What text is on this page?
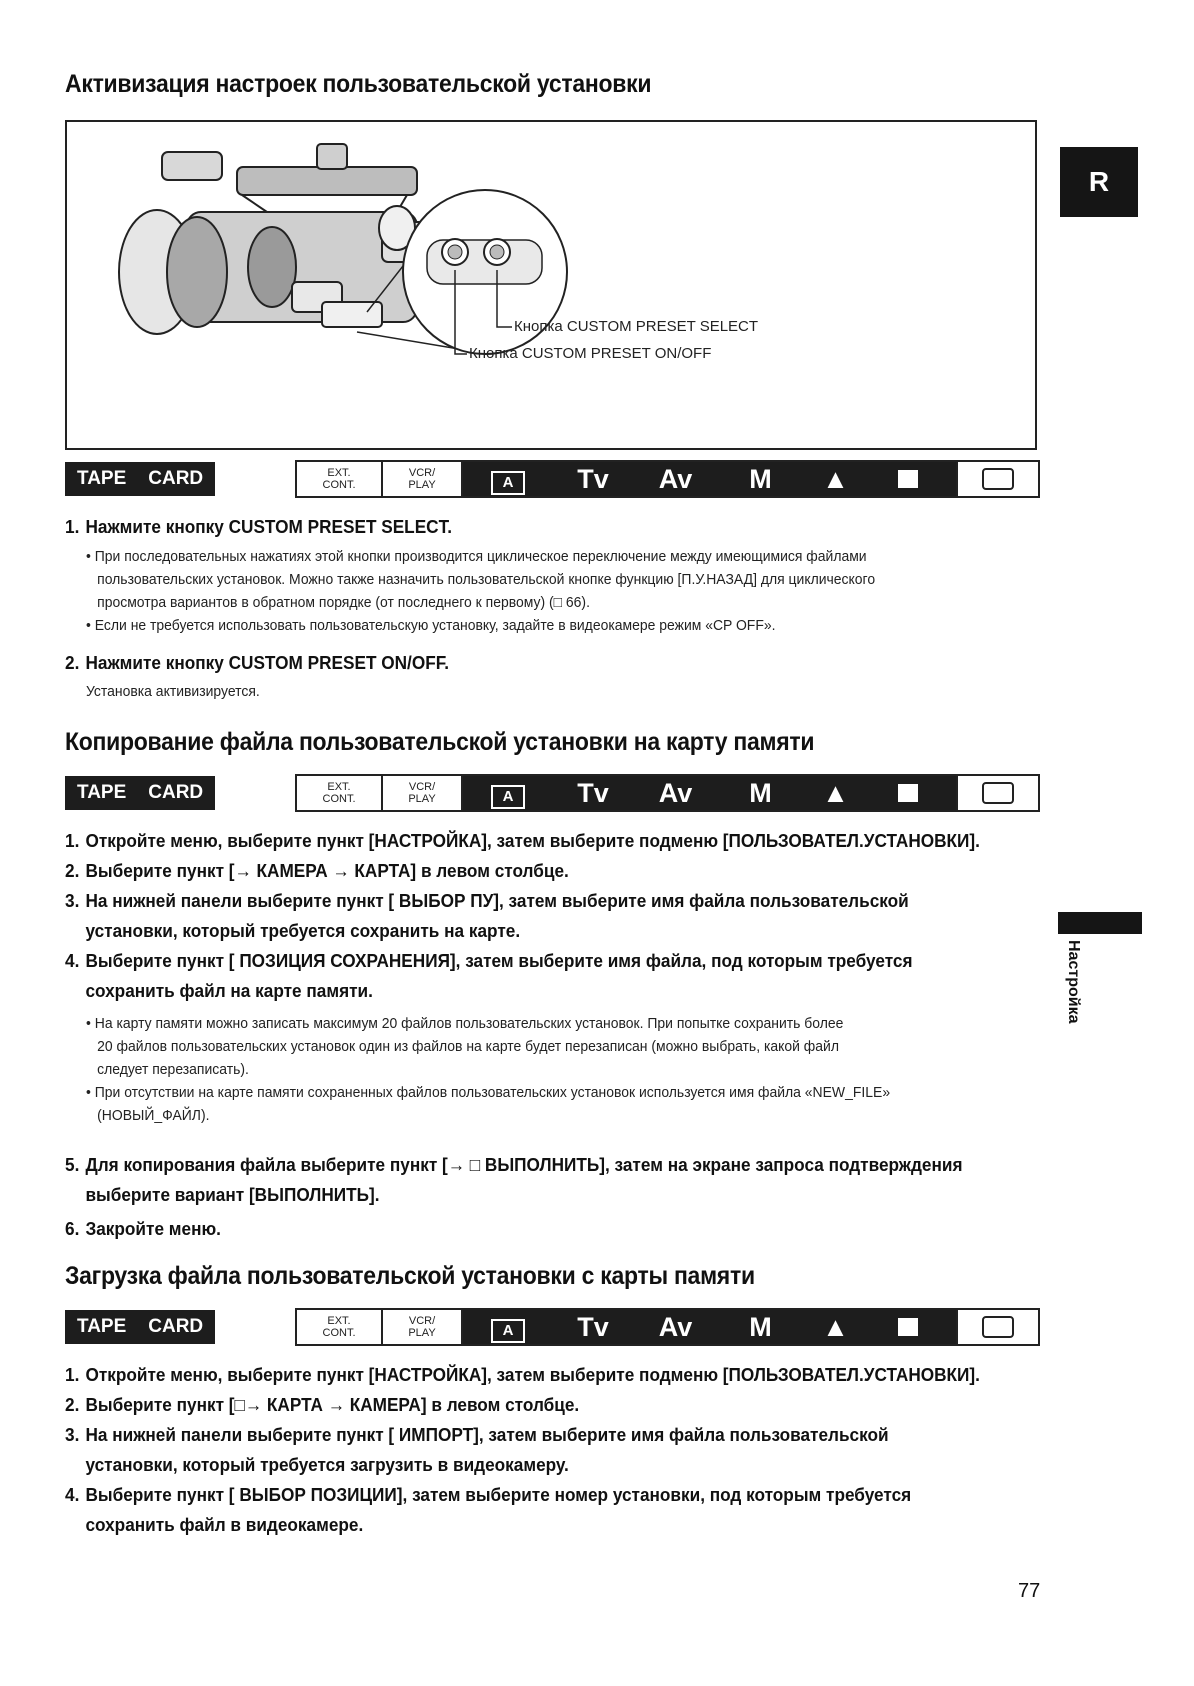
Активизация настроек пользовательской установки
Кнопка CUSTOM PRESET SELECT
Кнопка CUSTOM PRESET ON/OFF
TAPE CARD	EXT.
CONT.
VCR/
PLAY	A	Tv	Av	M	▲
1. Нажмите кнопку CUSTOM PRESET SELECT.
• При последовательных нажатиях этой кнопки производится циклическое переключение между имеющимися файлами
пользовательских установок. Можно также назначить пользовательской кнопке функцию [П.У.НАЗАД] для циклического
просмотра вариантов в обратном порядке (от последнего к первому) (□ 66).
• Если не требуется использовать пользовательскую установку, задайте в видеокамере режим «CP OFF».
2. Нажмите кнопку CUSTOM PRESET ON/OFF.
Установка активизируется.
Копирование файла пользовательской установки на карту памяти
TAPE CARD	EXT.
CONT.
VCR/
PLAY	A	Tv	Av	M	▲
1. Откройте меню, выберите пункт [НАСТРОЙКА], затем выберите подменю [ПОЛЬЗОВАТЕЛ.УСТАНОВКИ].
2. Выберите пункт [→ КАМЕРА → КАРТА] в левом столбце.
3. На нижней панели выберите пункт [ ВЫБОР ПУ], затем выберите имя файла пользовательской
установки, который требуется сохранить на карте.
4. Выберите пункт [ ПОЗИЦИЯ СОХРАНЕНИЯ], затем выберите имя файла, под которым требуется
сохранить файл на карте памяти.
• На карту памяти можно записать максимум 20 файлов пользовательских установок. При попытке сохранить более
20 файлов пользовательских установок один из файлов на карте будет перезаписан (можно выбрать, какой файл
следует перезаписать).
• При отсутствии на карте памяти сохраненных файлов пользовательских установок используется имя файла «NEW_FILE»
(НОВЫЙ_ФАЙЛ).
5. Для копирования файла выберите пункт [→ □ ВЫПОЛНИТЬ], затем на экране запроса подтверждения
выберите вариант [ВЫПОЛНИТЬ].
6. Закройте меню.
Загрузка файла пользовательской установки с карты памяти
TAPE CARD	EXT.
CONT.
VCR/
PLAY	A	Tv	Av	M	▲
1. Откройте меню, выберите пункт [НАСТРОЙКА], затем выберите подменю [ПОЛЬЗОВАТЕЛ.УСТАНОВКИ].
2. Выберите пункт [□→ КАРТА → КАМЕРА] в левом столбце.
3. На нижней панели выберите пункт [ ИМПОРТ], затем выберите имя файла пользовательской
установки, который требуется загрузить в видеокамеру.
4. Выберите пункт [ ВЫБОР ПОЗИЦИИ], затем выберите номер установки, под которым требуется
сохранить файл в видеокамере.
R
Настройка
77
